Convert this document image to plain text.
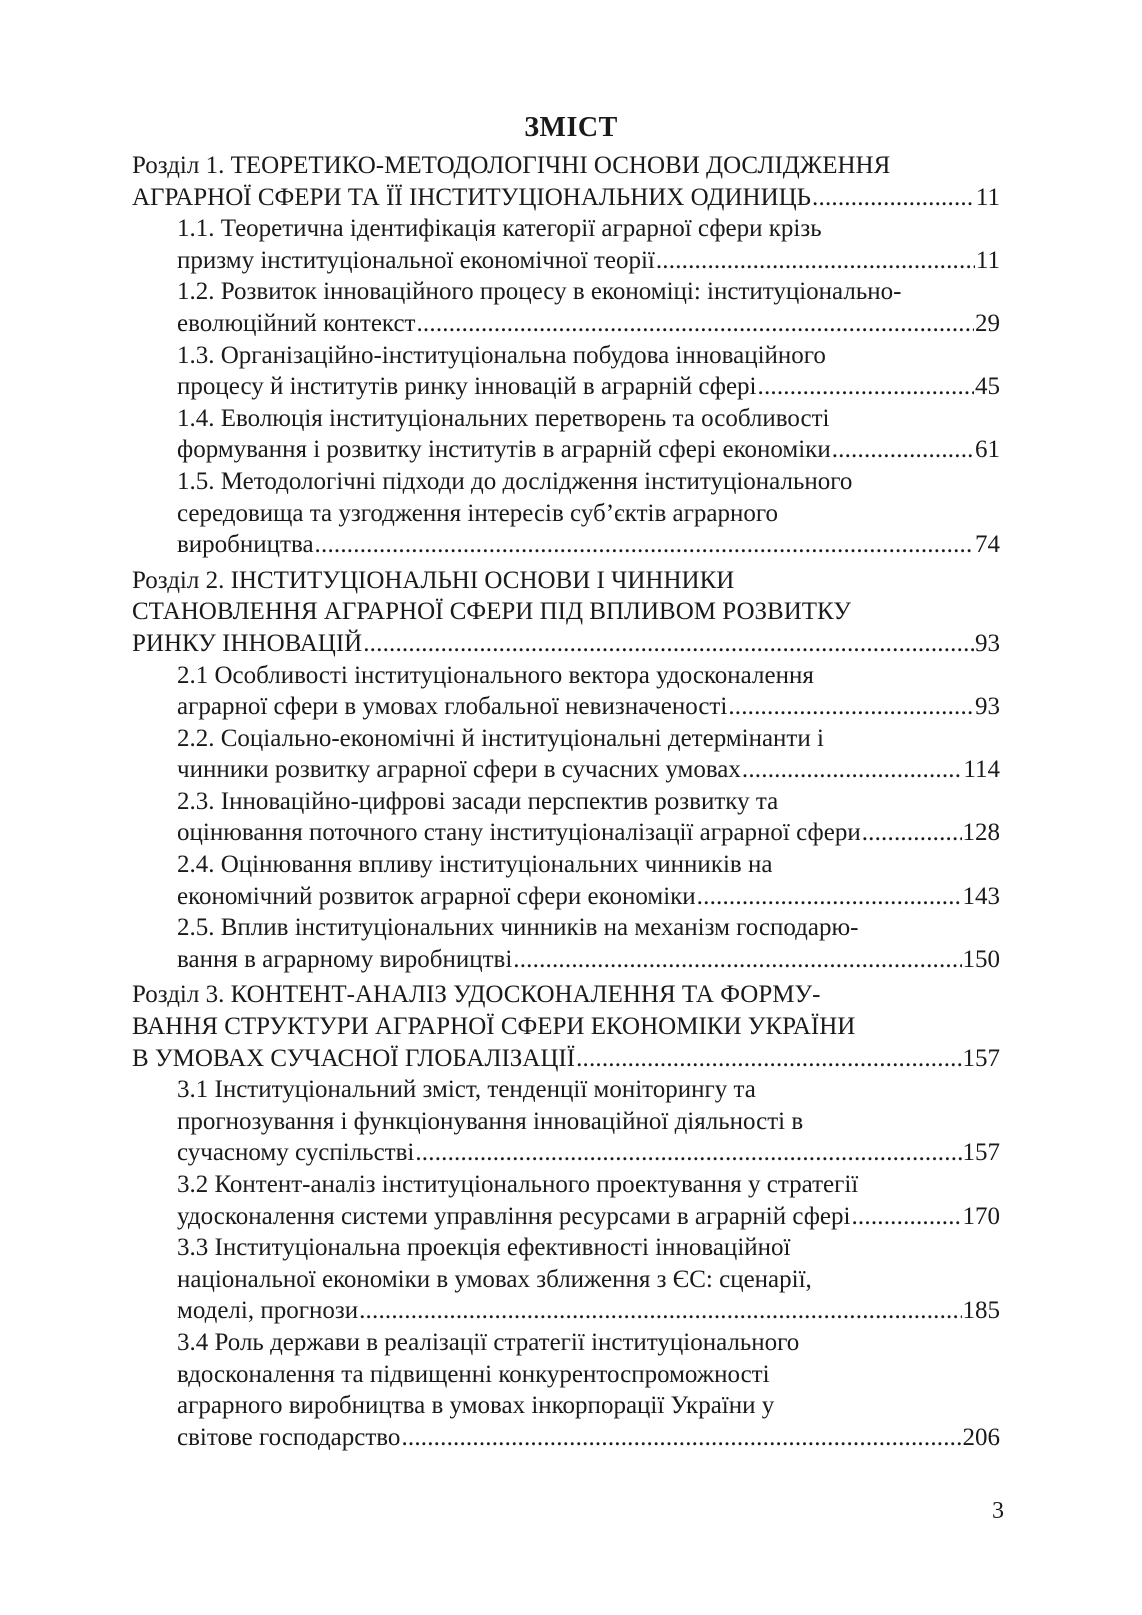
ЗМІСТ
Розділ 1. ТЕОРЕТИКО-МЕТОДОЛОГІЧНІ ОСНОВИ ДОСЛІДЖЕННЯ
АГРАРНОЇ СФЕРИ ТА ЇЇ ІНСТИТУЦІОНАЛЬНИХ ОДИНИЦЬ .....	11
1.1. Теоретична ідентифікація категорії аграрної сфери крізь
призму інституціональної економічної теорії .....	11
1.2. Розвиток інноваційного процесу в економіці: інституціонально-
еволюційний контекст .....	29
1.3. Організаційно-інституціональна побудова інноваційного
процесу й інститутів ринку інновацій в аграрній сфері .....	45
1.4. Еволюція інституціональних перетворень та особливості
формування і розвитку інститутів в аграрній сфері економіки .....	61
1.5. Методологічні підходи до дослідження інституціонального
середовища та узгодження інтересів суб’єктів аграрного
виробництва .....	74
Розділ 2. ІНСТИТУЦІОНАЛЬНІ ОСНОВИ І ЧИННИКИ
СТАНОВЛЕННЯ АГРАРНОЇ СФЕРИ ПІД ВПЛИВОМ РОЗВИТКУ
РИНКУ ІННОВАЦІЙ .....	93
2.1 Особливості інституціонального вектора удосконалення
аграрної сфери в умовах глобальної невизначеності .....	93
2.2. Соціально-економічні й інституціональні детермінанти і
чинники розвитку аграрної сфери в сучасних умовах .....	114
2.3. Інноваційно-цифрові засади перспектив розвитку та
оцінювання поточного стану інституціоналізації аграрної сфери .....	128
2.4. Оцінювання впливу інституціональних чинників на
економічний розвиток аграрної сфери економіки .....	143
2.5. Вплив інституціональних чинників на механізм господарю-
вання в аграрному виробництві .....	150
Розділ 3. КОНТЕНТ-АНАЛІЗ УДОСКОНАЛЕННЯ ТА ФОРМУ-
ВАННЯ СТРУКТУРИ АГРАРНОЇ СФЕРИ ЕКОНОМІКИ УКРАЇНИ
В УМОВАХ СУЧАСНОЇ ГЛОБАЛІЗАЦІЇ .....	157
3.1 Інституціональний зміст, тенденції моніторингу та
прогнозування і функціонування інноваційної діяльності в
сучасному суспільстві .....	157
3.2 Контент-аналіз інституціонального проектування у стратегії
удосконалення системи управління ресурсами в аграрній сфері .....	170
3.3 Інституціональна проекція ефективності інноваційної
національної економіки в умовах зближення з ЄС: сценарії,
моделі, прогнози .....	185
3.4 Роль держави в реалізації стратегії інституціонального
вдосконалення та підвищенні конкурентоспроможності
аграрного виробництва в умовах інкорпорації України у
світове господарство .....	206
3
